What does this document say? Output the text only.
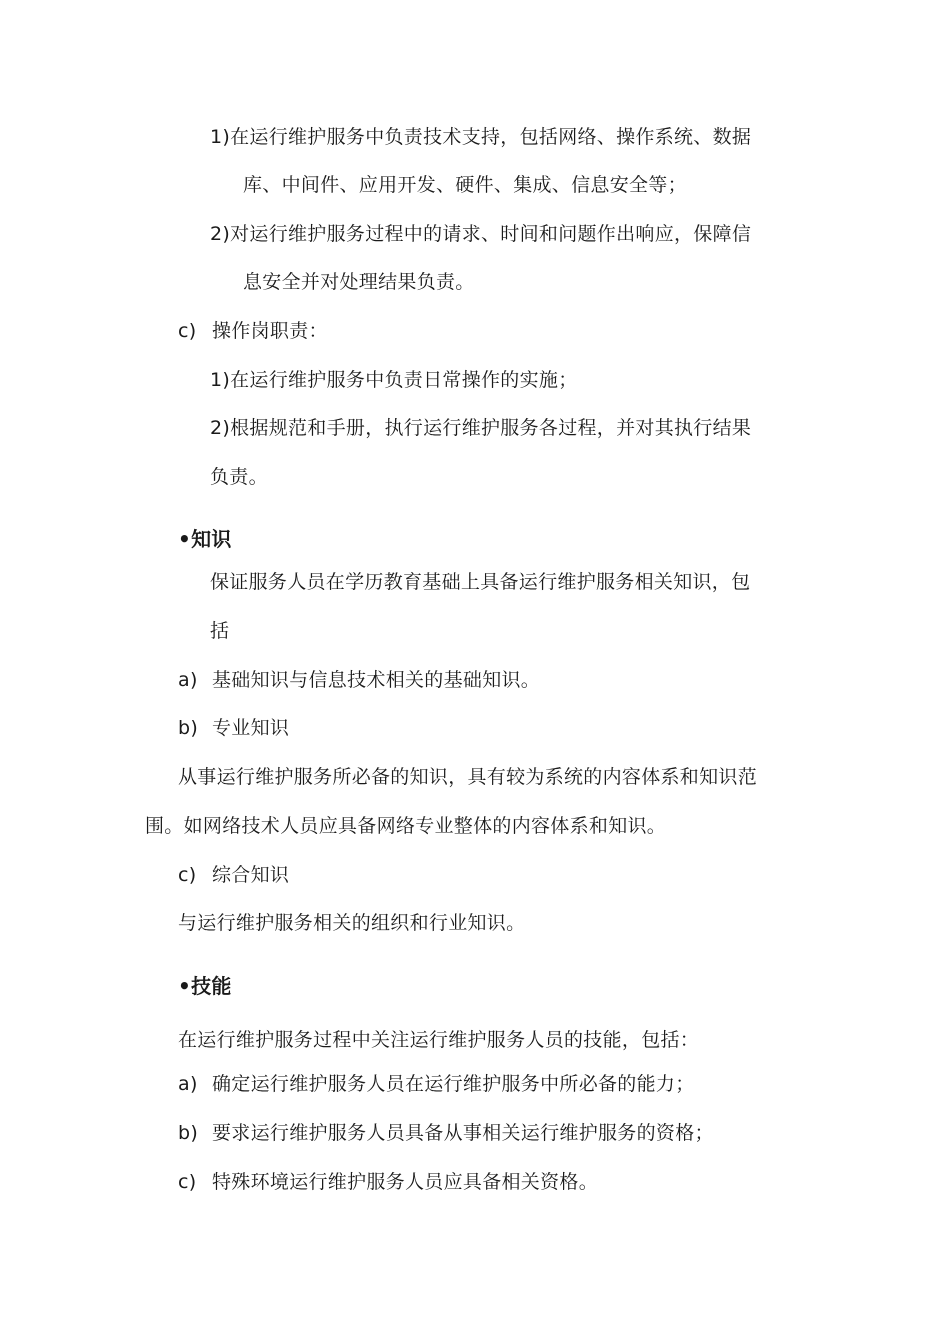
1)在运行维护服务中负责技术支持，包括网络、操作系统、数据
库、中间件、应用开发、硬件、集成、信息安全等；
2)对运行维护服务过程中的请求、时间和问题作出响应，保障信
息安全并对处理结果负责。
c) 操作岗职责：
1)在运行维护服务中负责日常操作的实施；
2)根据规范和手册，执行运行维护服务各过程，并对其执行结果
负责。
•知识
保证服务人员在学历教育基础上具备运行维护服务相关知识，包
括
a) 基础知识与信息技术相关的基础知识。
b) 专业知识
从事运行维护服务所必备的知识，具有较为系统的内容体系和知识范
围。如网络技术人员应具备网络专业整体的内容体系和知识。
c) 综合知识
与运行维护服务相关的组织和行业知识。
•技能
在运行维护服务过程中关注运行维护服务人员的技能，包括：
a) 确定运行维护服务人员在运行维护服务中所必备的能力；
b) 要求运行维护服务人员具备从事相关运行维护服务的资格；
c) 特殊环境运行维护服务人员应具备相关资格。
